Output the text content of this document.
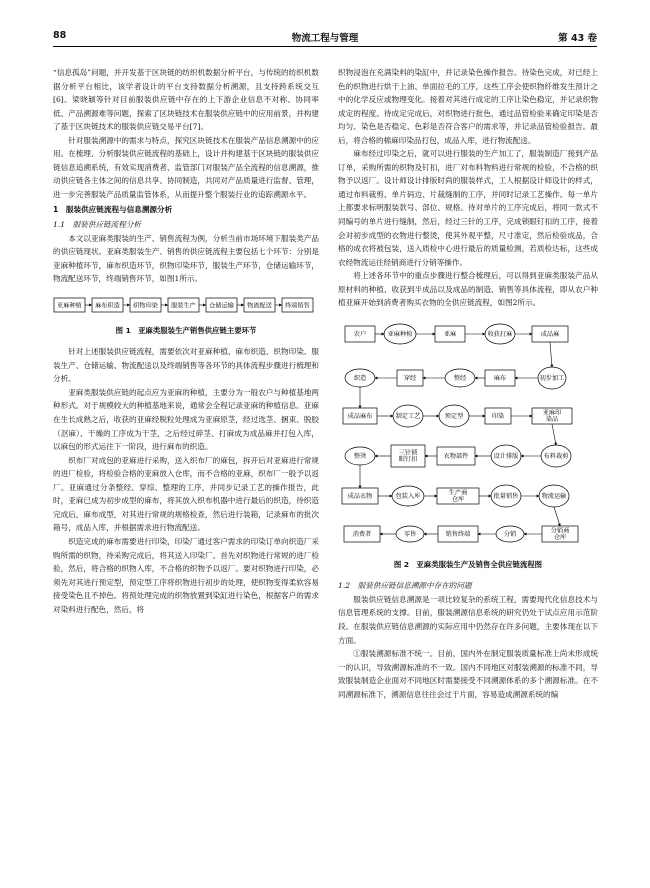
88	物流工程与管理	第 43 卷

“信息孤岛”问题，并开发基于区块链的纺织机数据分析平台，与传统的纺织机数据分析平台相比，该学者设计的平台支持数据分析溯源，且支持跨系统交互[6]。梁晓颖等针对目前服装供应链中存在的上下游企业信息不对称、协同率低、产品溯源难等问题，探索了区块链技术在服装供应链中的应用前景，并构建了基于区块链技术的服装供应链交易平台[7]。

针对服装溯源中的需求与特点，探究区块链技术在服装产品信息溯源中的应用。在梳理、分析服装供应链流程的基础上，设计并构建基于区块链的服装供应链信息追溯系统，有效实现消费者、监管部门对服装产品全流程的信息溯源，推动供应链各主体之间的信息共享、协同制造，共同对产品质量进行监督、管理，进一步完善服装产品质量监管体系，从而提升整个服装行业的追踪溯源水平。

1　服装供应链流程与信息溯源分析
1.1　服装供应链流程分析

本文以亚麻类服装的生产、销售流程为例，分析当前市场环境下服装类产品的供应链现状。亚麻类服装生产、销售的供应链流程主要包括七个环节：分别是亚麻种植环节，麻布织造环节，织物印染环节，服装生产环节，仓储运输环节，物流配送环节，终端销售环节，如图1所示。

亚麻种植 麻布织造 织物印染 服装生产 仓储运输 物流配送 终端销售
图 1　亚麻类服装生产销售供应链主要环节

针对上述服装供应链流程，需要依次对亚麻种植、麻布织造、织物印染、服装生产、仓储运输、物流配送以及终端销售等各环节的具体流程步骤进行梳理和分析。

亚麻类服装供应链的起点应为亚麻的种植，主要分为一般农户与种植基地两种形式。对于规模较大的种植基地来说，通常会全程记录亚麻的种植信息。亚麻在生长成熟之后，收获的亚麻经脱粒处理成为亚麻原茎，经过选茎、捆束、脱胶（沤麻）、干燥的工序成为干茎，之后经过碎茎、打麻成为成品麻并打包入库，以麻包的形式运往下一阶段，进行麻布的织造。

织布厂对成包的亚麻进行采购，送入织布厂的麻包，拆开后对亚麻进行常规的进厂检验，将检验合格的亚麻放入仓库，而不合格的亚麻，织布厂一般予以返厂。亚麻通过分条整经、穿综、整理的工序，并同步记录工艺的操作报告，此时，亚麻已成为初步成型的麻布，将其放入织布机器中进行最后的织造，待织造完成后，麻布成型，对其进行常规的规格检查，然后进行装箱，记录麻布的批次箱号，成品入库，并根据需求进行物流配送。

织造完成的麻布需要进行印染，印染厂通过客户需求的印染订单向织造厂采购所需的织物，待采购完成后，将其送入印染厂。首先对织物进行常规的进厂检验，然后，将合格的织物入库，不合格的织物予以返厂。要对织物进行印染，必须先对其进行预定型，预定型工序将织物进行初步的处理，使织物变得柔软容易接受染色且不掉色。将预处理完成的织物放置到染缸进行染色，根据客户的需求对染料进行配色，然后，将

织物浸泡在充满染料的染缸中，并记录染色操作报告。待染色完成，对已经上色的织物进行烘干上油、单面拉毛的工序，这些工序会使织物纤维发生预计之中的化学反应或物理变化。接着对其进行成定的工序让染色稳定，并记录织物成定的程度。待成定完成后，对织物进行批色，通过品管检验来确定印染是否均匀、染色是否稳定、色彩是否符合客户的需求等，并记录品管检验报告。最后，将合格的棉麻印染品打包，成品入库，进行物流配送。

麻布经过印染之后，就可以进行服装的生产加工了，服装制造厂接到产品订单，采购所需的织物及钉扣，进厂对布料物料进行常规的检验，不合格的织物予以返厂。设计师设计排版时尚的服装样式，工人根据设计师设计的样式，通过布料裁剪、单片码边、片裁缝制的工序，并同时记录工艺操作。每一单片上都要求标明服装款号、部位、规格。待对单片的工序完成后，将同一款式不同编号的单片进行缝制，然后，经过三针的工序，完成锁眼钉扣的工序，接着会对初步成型的衣物进行整烫，使其外观平整，尺寸准定，然后检验成品，合格的成衣将被包装，送入质检中心进行最后的质量检测，若质检达标，这些成衣经物流运往经销商进行分销等操作。

将上述各环节中的重点步骤进行整合梳理后，可以得到亚麻类服装产品从原材料的种植、收获到半成品以及成品的制造、销售等具体流程，即从农户种植亚麻开始到消费者购买衣物的全供应链流程，如图2所示。

农户	亚麻种植	亚麻	收获打麻	成品麻
织造	穿经	整经	麻布	初步加工
成品麻布	制定工艺	预定型	印染	亚麻印染品
整烫	三针锁眼钉扣	衣物部件	设计排版	布料裁剪
成品衣物	包装入库	生产商仓库	批量销售	物流运输
消费者	零售	销售终端	分销	分销商仓库
图 2　亚麻类服装生产及销售全供应链流程图
1.2　服装供应链信息溯源中存在的问题

服装供应链信息溯源是一项比较复杂的系统工程，需要现代化信息技术与信息管理系统的支撑。目前，服装溯源信息系统的研究仍处于试点应用示范阶段。在服装供应链信息溯源的实际应用中仍然存在许多问题，主要体现在以下方面。

①服装溯源标准不统一。目前，国内外在制定服装质量标准上尚未形成统一的认识，导致溯源标准的不一致。国内不同地区对服装溯源的标准不同，导致服装制造企业面对不同地区时需要接受不同溯源体系的多个溯源标准。在不同溯源标准下，溯源信息往往会过于片面，容易造成溯源系统的编
